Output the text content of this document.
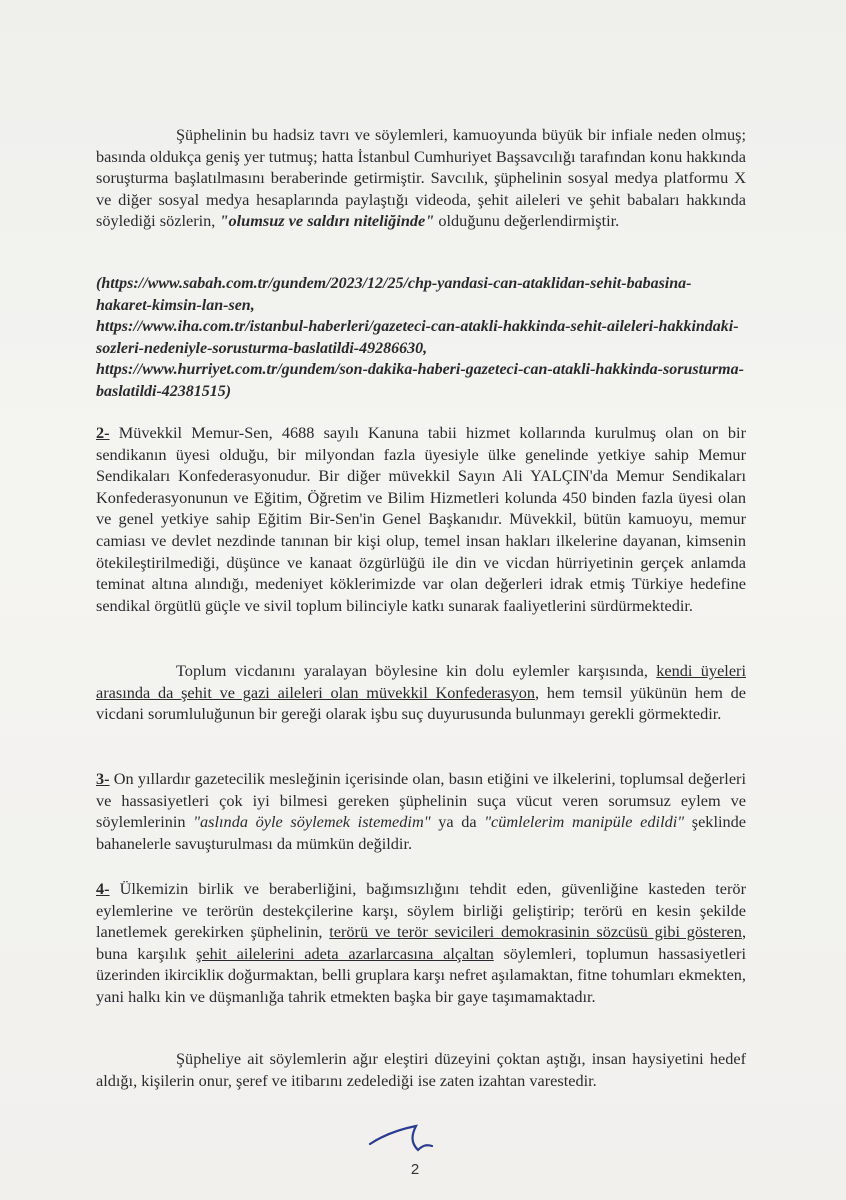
Şüphelinin bu hadsiz tavrı ve söylemleri, kamuoyunda büyük bir infiale neden olmuş; basında oldukça geniş yer tutmuş; hatta İstanbul Cumhuriyet Başsavcılığı tarafından konu hakkında soruşturma başlatılmasını beraberinde getirmiştir. Savcılık, şüphelinin sosyal medya platformu X ve diğer sosyal medya hesaplarında paylaştığı videoda, şehit aileleri ve şehit babaları hakkında söylediği sözlerin, "olumsuz ve saldırı niteliğinde" olduğunu değerlendirmiştir.

(https://www.sabah.com.tr/gundem/2023/12/25/chp-yandasi-can-ataklidan-sehit-babasina-hakaret-kimsin-lan-sen,
https://www.iha.com.tr/istanbul-haberleri/gazeteci-can-atakli-hakkinda-sehit-aileleri-hakkindaki-sozleri-nedeniyle-sorusturma-baslatildi-49286630,
https://www.hurriyet.com.tr/gundem/son-dakika-haberi-gazeteci-can-atakli-hakkinda-sorusturma-baslatildi-42381515)

2- Müvekkil Memur-Sen, 4688 sayılı Kanuna tabii hizmet kollarında kurulmuş olan on bir sendikanın üyesi olduğu, bir milyondan fazla üyesiyle ülke genelinde yetkiye sahip Memur Sendikaları Konfederasyonudur. Bir diğer müvekkil Sayın Ali YALÇIN'da Memur Sendikaları Konfederasyonunun ve Eğitim, Öğretim ve Bilim Hizmetleri kolunda 450 binden fazla üyesi olan ve genel yetkiye sahip Eğitim Bir-Sen'in Genel Başkanıdır. Müvekkil, bütün kamuoyu, memur camiası ve devlet nezdinde tanınan bir kişi olup, temel insan hakları ilkelerine dayanan, kimsenin ötekileştirilmediği, düşünce ve kanaat özgürlüğü ile din ve vicdan hürriyetinin gerçek anlamda teminat altına alındığı, medeniyet köklerimizde var olan değerleri idrak etmiş Türkiye hedefine sendikal örgütlü güçle ve sivil toplum bilinciyle katkı sunarak faaliyetlerini sürdürmektedir.

Toplum vicdanını yaralayan böylesine kin dolu eylemler karşısında, kendi üyeleri arasında da şehit ve gazi aileleri olan müvekkil Konfederasyon, hem temsil yükünün hem de vicdani sorumluluğunun bir gereği olarak işbu suç duyurusunda bulunmayı gerekli görmektedir.

3- On yıllardır gazetecilik mesleğinin içerisinde olan, basın etiğini ve ilkelerini, toplumsal değerleri ve hassasiyetleri çok iyi bilmesi gereken şüphelinin suça vücut veren sorumsuz eylem ve söylemlerinin "aslında öyle söylemek istemedim" ya da "cümlelerim manipüle edildi" şeklinde bahanelerle savuşturulması da mümkün değildir.

4- Ülkemizin birlik ve beraberliğini, bağımsızlığını tehdit eden, güvenliğine kasteden terör eylemlerine ve terörün destekçilerine karşı, söylem birliği geliştirip; terörü en kesin şekilde lanetlemek gerekirken şüphelinin, terörü ve terör sevicileri demokrasinin sözcüsü gibi gösteren, buna karşılık şehit ailelerini adeta azarlarcasına alçaltan söylemleri, toplumun hassasiyetleri üzerinden ikircikliк doğurmaktan, belli gruplara karşı nefret aşılamaktan, fitne tohumları ekmekten, yani halkı kin ve düşmanlığa tahrik etmekten başka bir gaye taşımamaktadır.

Şüpheliye ait söylemlerin ağır eleştiri düzeyini çoktan aştığı, insan haysiyetini hedef aldığı, kişilerin onur, şeref ve itibarını zedelediği ise zaten izahtan varestedir.

2
